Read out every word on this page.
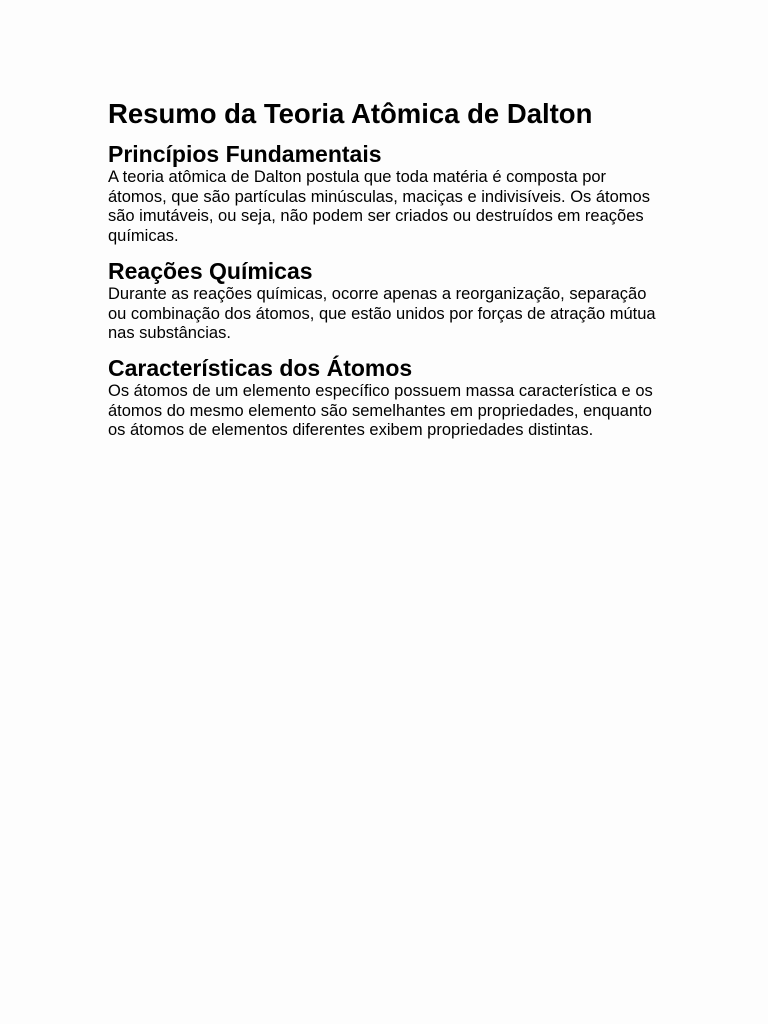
Resumo da Teoria Atômica de Dalton
Princípios Fundamentais

A teoria atômica de Dalton postula que toda matéria é composta por átomos, que são partículas minúsculas, maciças e indivisíveis. Os átomos são imutáveis, ou seja, não podem ser criados ou destruídos em reações químicas.

Reações Químicas

Durante as reações químicas, ocorre apenas a reorganização, separação ou combinação dos átomos, que estão unidos por forças de atração mútua nas substâncias.

Características dos Átomos

Os átomos de um elemento específico possuem massa característica e os átomos do mesmo elemento são semelhantes em propriedades, enquanto os átomos de elementos diferentes exibem propriedades distintas.
